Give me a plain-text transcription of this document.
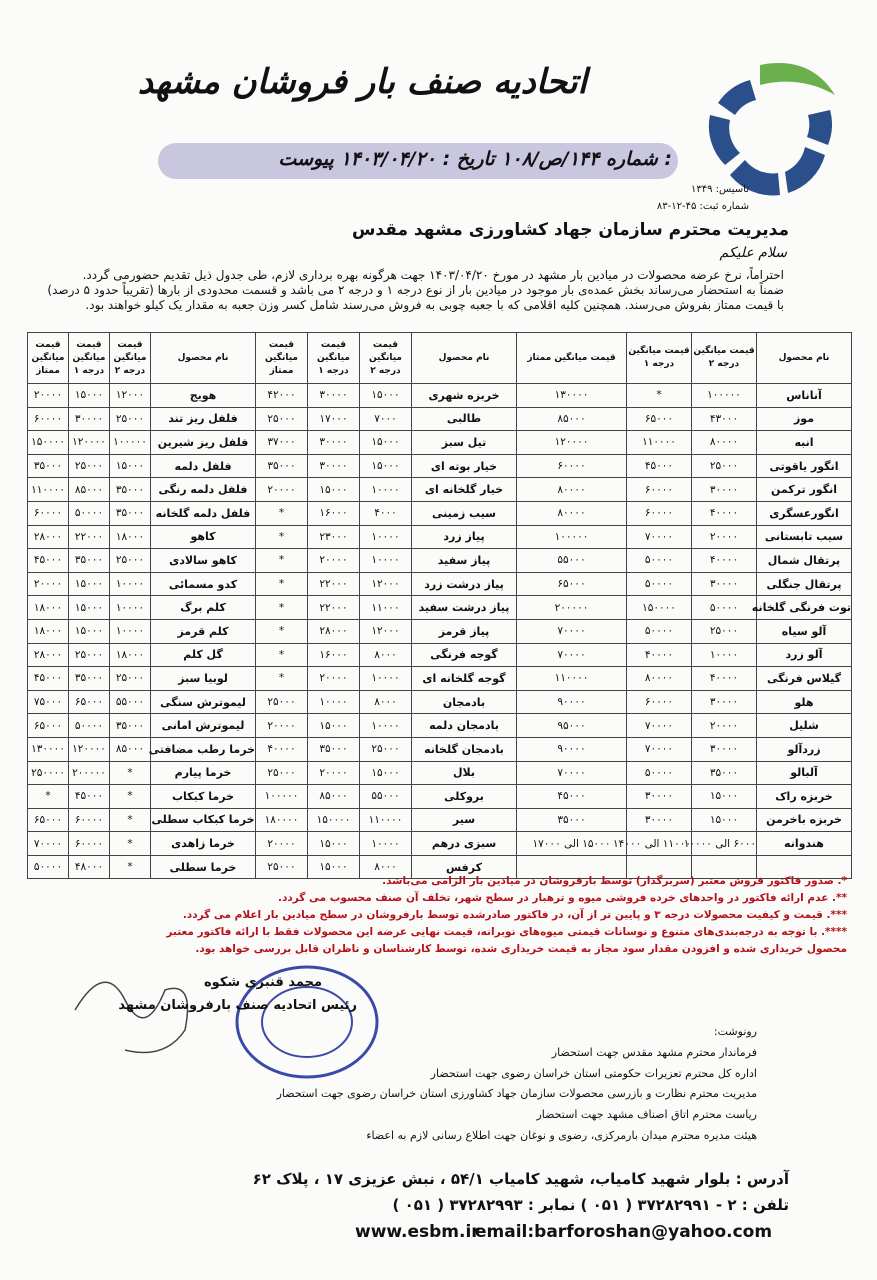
اتحادیه صنف بار فروشان مشهد
شماره ۱۴۴/ص/۱۰۸ تاریخ : ۱۴۰۳/۰۴/۲۰ پیوست :
تاسیس: ۱۳۴۹
شماره ثبت: ۴۵-۱۲-۸۳
مدیریت محترم سازمان جهاد کشاورزی مشهد مقدس
سلام علیکم
احتراماً، نرخ عرضه محصولات در میادین بار مشهد در مورخ ۱۴۰۳/۰۴/۲۰ جهت هرگونه بهره برداری لازم، طی جدول ذیل تقدیم حضورمی گردد.
ضمناً به استحضار می‌رساند بخش عمده‌ی بار موجود در میادین بار از نوع درجه ۱ و درجه ۲ می باشد و قسمت محدودی از بارها (تقریباً حدود ۵ درصد)
با قیمت ممتاز بفروش می‌رسند. همچنین کلیه اقلامی که با جعبه چوبی به فروش می‌رسند شامل کسر وزن جعبه به مقدار یک کیلو خواهند بود.
نام محصول	قیمت میانگین درجه ۲	قیمت میانگین درجه ۱	قیمت میانگین ممتاز	نام محصول	قیمت میانگین درجه ۲	قیمت میانگین درجه ۱	قیمت میانگین ممتاز	نام محصول	قیمت میانگین درجه ۲	قیمت میانگین درجه ۱	قیمت میانگین ممتاز
آناناس	۱۰۰۰۰۰	*	۱۳۰۰۰۰	خربزه شهری	۱۵۰۰۰	۳۰۰۰۰	۴۲۰۰۰	هویج	۱۲۰۰۰	۱۵۰۰۰	۲۰۰۰۰
موز	۴۳۰۰۰	۶۵۰۰۰	۸۵۰۰۰	طالبی	۷۰۰۰	۱۷۰۰۰	۲۵۰۰۰	فلفل ریز تند	۲۵۰۰۰	۳۰۰۰۰	۶۰۰۰۰
انبه	۸۰۰۰۰	۱۱۰۰۰۰	۱۲۰۰۰۰	تیل سبز	۱۵۰۰۰	۳۰۰۰۰	۳۷۰۰۰	فلفل ریز شیرین	۱۰۰۰۰۰	۱۲۰۰۰۰	۱۵۰۰۰۰
انگور یاقوتی	۲۵۰۰۰	۴۵۰۰۰	۶۰۰۰۰	خیار بوته ای	۱۵۰۰۰	۳۰۰۰۰	۳۵۰۰۰	فلفل دلمه	۱۵۰۰۰	۲۵۰۰۰	۳۵۰۰۰
انگور ترکمن	۳۰۰۰۰	۶۰۰۰۰	۸۰۰۰۰	خیار گلخانه ای	۱۰۰۰۰	۱۵۰۰۰	۲۰۰۰۰	فلفل دلمه رنگی	۳۵۰۰۰	۸۵۰۰۰	۱۱۰۰۰۰
انگورعسگری	۴۰۰۰۰	۶۰۰۰۰	۸۰۰۰۰	سیب زمینی	۴۰۰۰	۱۶۰۰۰	*	فلفل دلمه گلخانه	۳۵۰۰۰	۵۰۰۰۰	۶۰۰۰۰
سیب تابستانی	۲۰۰۰۰	۷۰۰۰۰	۱۰۰۰۰۰	پیاز زرد	۱۰۰۰۰	۲۳۰۰۰	*	کاهو	۱۸۰۰۰	۲۲۰۰۰	۲۸۰۰۰
پرتقال شمال	۴۰۰۰۰	۵۰۰۰۰	۵۵۰۰۰	پیاز سفید	۱۰۰۰۰	۲۰۰۰۰	*	کاهو سالادی	۲۵۰۰۰	۳۵۰۰۰	۴۵۰۰۰
پرتقال جنگلی	۳۰۰۰۰	۵۰۰۰۰	۶۵۰۰۰	پیاز درشت زرد	۱۲۰۰۰	۲۲۰۰۰	*	کدو مسمائی	۱۰۰۰۰	۱۵۰۰۰	۲۰۰۰۰
توت فرنگی گلخانه	۵۰۰۰۰	۱۵۰۰۰۰	۲۰۰۰۰۰	پیاز درشت سفید	۱۱۰۰۰	۲۲۰۰۰	*	کلم برگ	۱۰۰۰۰	۱۵۰۰۰	۱۸۰۰۰
آلو سیاه	۲۵۰۰۰	۵۰۰۰۰	۷۰۰۰۰	پیاز قرمز	۱۲۰۰۰	۲۸۰۰۰	*	کلم قرمز	۱۰۰۰۰	۱۵۰۰۰	۱۸۰۰۰
آلو زرد	۱۰۰۰۰	۴۰۰۰۰	۷۰۰۰۰	گوجه فرنگی	۸۰۰۰	۱۶۰۰۰	*	گل کلم	۱۸۰۰۰	۲۵۰۰۰	۲۸۰۰۰
گیلاس فرنگی	۴۰۰۰۰	۸۰۰۰۰	۱۱۰۰۰۰	گوجه گلخانه ای	۱۰۰۰۰	۲۰۰۰۰	*	لوبیا سبز	۲۵۰۰۰	۳۵۰۰۰	۴۵۰۰۰
هلو	۳۰۰۰۰	۶۰۰۰۰	۹۰۰۰۰	بادمجان	۸۰۰۰	۱۰۰۰۰	۲۵۰۰۰	لیموترش سنگی	۵۵۰۰۰	۶۵۰۰۰	۷۵۰۰۰
شلیل	۲۰۰۰۰	۷۰۰۰۰	۹۵۰۰۰	بادمجان دلمه	۱۰۰۰۰	۱۵۰۰۰	۲۰۰۰۰	لیموترش امانی	۳۵۰۰۰	۵۰۰۰۰	۶۵۰۰۰
زردآلو	۳۰۰۰۰	۷۰۰۰۰	۹۰۰۰۰	بادمجان گلخانه	۲۵۰۰۰	۳۵۰۰۰	۴۰۰۰۰	خرما رطب مضافتی	۸۵۰۰۰	۱۲۰۰۰۰	۱۳۰۰۰۰
آلبالو	۳۵۰۰۰	۵۰۰۰۰	۷۰۰۰۰	بلال	۱۵۰۰۰	۲۰۰۰۰	۲۵۰۰۰	خرما پیارم	*	۲۰۰۰۰۰	۲۵۰۰۰۰
خربزه راک	۱۵۰۰۰	۳۰۰۰۰	۴۵۰۰۰	بروکلی	۵۵۰۰۰	۸۵۰۰۰	۱۰۰۰۰۰	خرما کبکاب	*	۴۵۰۰۰	*
خربزه باخرمن	۱۵۰۰۰	۳۰۰۰۰	۳۵۰۰۰	سیر	۱۱۰۰۰۰	۱۵۰۰۰۰	۱۸۰۰۰۰	خرما کبکاب سطلی	*	۶۰۰۰۰	۶۵۰۰۰
هندوانه	۶۰۰۰ الی ۱۰۰۰۰	۱۱۰۰۰ الی ۱۴۰۰۰	۱۵۰۰۰ الی ۱۷۰۰۰	سبزی درهم	۱۰۰۰۰	۱۵۰۰۰	۲۰۰۰۰	خرما زاهدی	*	۶۰۰۰۰	۷۰۰۰۰
				کرفس	۸۰۰۰	۱۵۰۰۰	۲۵۰۰۰	خرما سطلی	*	۴۸۰۰۰	۵۰۰۰۰
*. صدور فاکتور فروش معتبر (سربرگدار) توسط بارفروشان در میادین بار الزامی می‌باشد.
**. عدم ارائه فاکتور در واحدهای خرده فروشی میوه و ترهبار در سطح شهر، تخلف آن صنف محسوب می گردد.
***. قیمت و کیفیت محصولات درجه ۳ و پایین تر از آن، در فاکتور صادرشده توسط بارفروشان در سطح میادین بار اعلام می گردد.
****. با توجه به درجه‌بندی‌های متنوع و نوسانات قیمتی میوه‌های نوبرانه، قیمت نهایی عرضه این محصولات فقط با ارائه فاکتور معتبر
محصول خریداری شده و افزودن مقدار سود مجاز به قیمت خریداری شده، توسط کارشناسان و ناظران قابل بررسی خواهد بود.
محمد قنبری شکوه
رئیس اتحادیه صنف بارفروشان مشهد
رونوشت:
فرماندار محترم مشهد مقدس جهت استحضار
اداره کل محترم تعزیرات حکومتی استان خراسان رضوی جهت استحضار
مدیریت محترم نظارت و بازرسی محصولات سازمان جهاد کشاورزی استان خراسان رضوی جهت استحضار
ریاست محترم اتاق اصناف مشهد جهت استحضار
هیئت مدیره محترم میدان بارمرکزی، رضوی و نوغان جهت اطلاع رسانی لازم به اعضاء
آدرس : بلوار شهید کامیاب، شهید کامیاب ۵۴/۱ ، نبش عزیزی ۱۷ ، پلاک ۶۲
تلفن : ۲ - ۳۷۲۸۲۹۹۱ ( ۰۵۱ ) نمابر : ۳۷۲۸۲۹۹۳ ( ۰۵۱ )
email:barforoshan@yahoo.com
www.esbm.ir
